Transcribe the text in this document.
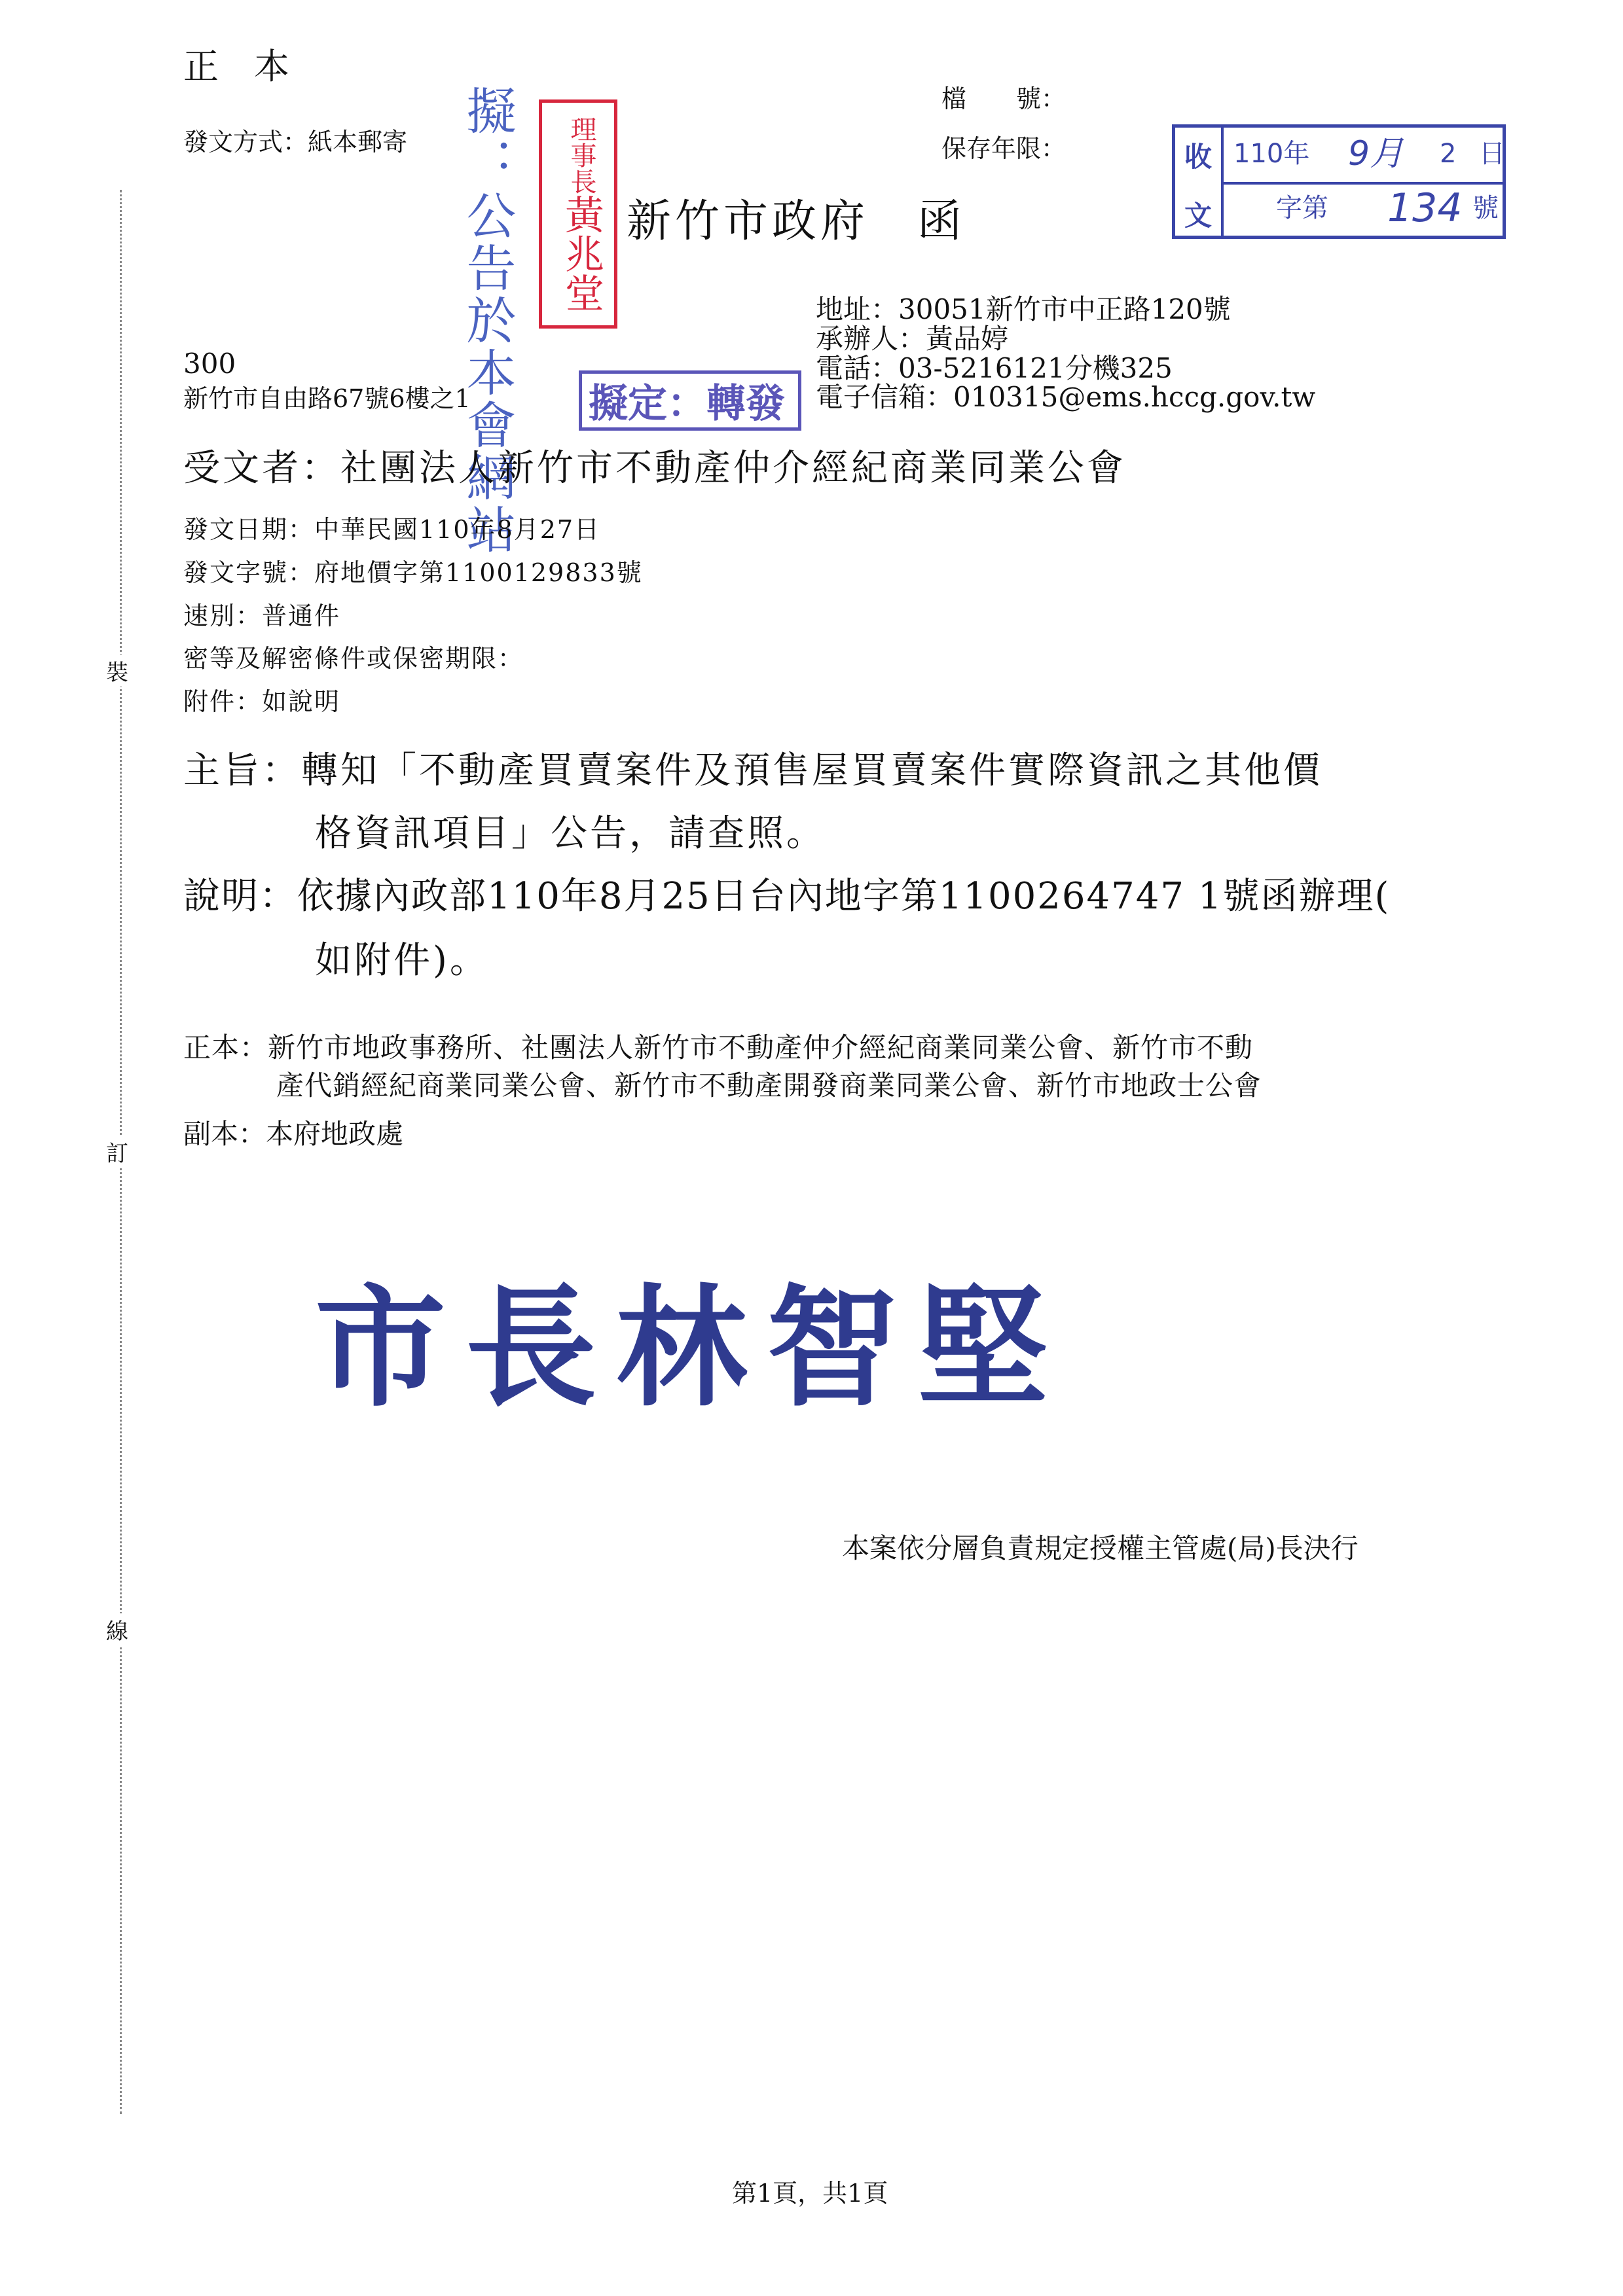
裝
訂
線
正　本
發文方式：紙本郵寄
檔　　號：
保存年限：	收
文
110年 9月 2 日
字第 134 號
理事長黃兆堂
擬：公告於本會網站 新竹市政府　函
地址：30051新竹市中正路120號
承辦人：黃品婷
電話：03-5216121分機325
電子信箱：010315@ems.hccg.gov.tw
300
新竹市自由路67號6樓之1	擬定：轉發
受文者：社團法人新竹市不動產仲介經紀商業同業公會
發文日期：中華民國110年8月27日
發文字號：府地價字第1100129833號
速別：普通件
密等及解密條件或保密期限：
附件：如說明
主旨：轉知「不動產買賣案件及預售屋買賣案件實際資訊之其他價
格資訊項目」公告，請查照。
說明：依據內政部110年8月25日台內地字第1100264747 1號函辦理(
如附件)。
正本：新竹市地政事務所、社團法人新竹市不動產仲介經紀商業同業公會、新竹市不動
產代銷經紀商業同業公會、新竹市不動產開發商業同業公會、新竹市地政士公會
副本：本府地政處
市長林智堅
本案依分層負責規定授權主管處(局)長決行
第1頁，共1頁
